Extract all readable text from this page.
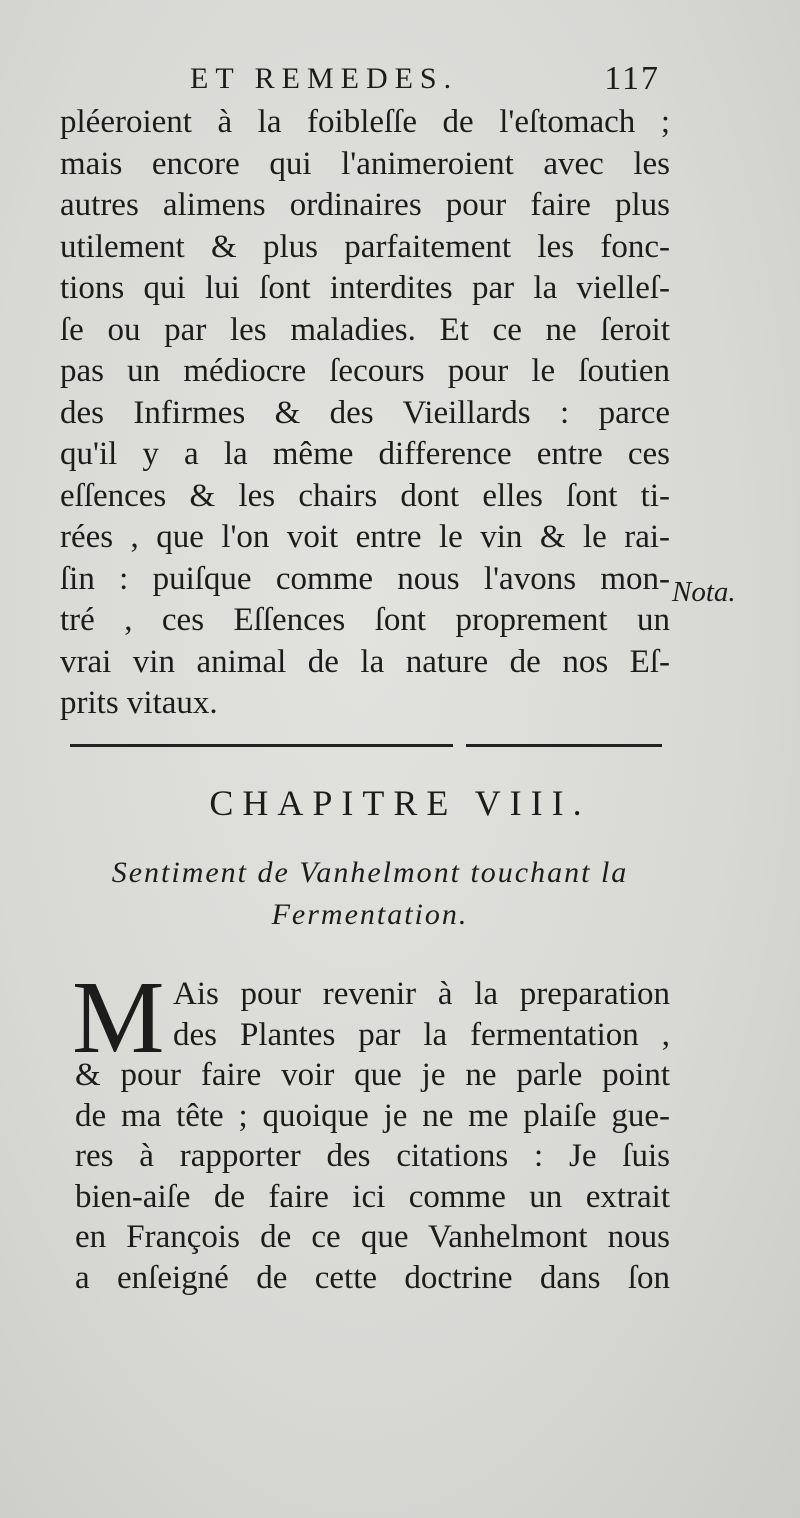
ET REMEDES.	117
pléeroient à la foibleſſe de l'eſtomach ;
mais encore qui l'animeroient avec les
autres alimens ordinaires pour faire plus
utilement & plus parfaitement les fonc-
tions qui lui ſont interdites par la vielleſ-
ſe ou par les maladies. Et ce ne ſeroit
pas un médiocre ſecours pour le ſoutien
des Infirmes & des Vieillards : parce
qu'il y a la même difference entre ces
eſſences & les chairs dont elles ſont ti-
rées , que l'on voit entre le vin & le rai-
ſin : puiſque comme nous l'avons mon-
tré , ces Eſſences ſont proprement un
vrai vin animal de la nature de nos Eſ-
prits vitaux.
Nota.
CHAPITRE VIII.
Sentiment de Vanhelmont touchant la
Fermentation.
M Ais pour revenir à la preparation
des Plantes par la fermentation ,
& pour faire voir que je ne parle point
de ma tête ; quoique je ne me plaiſe gue-
res à rapporter des citations : Je ſuis
bien-aiſe de faire ici comme un extrait
en François de ce que Vanhelmont nous
a enſeigné de cette doctrine dans ſon
